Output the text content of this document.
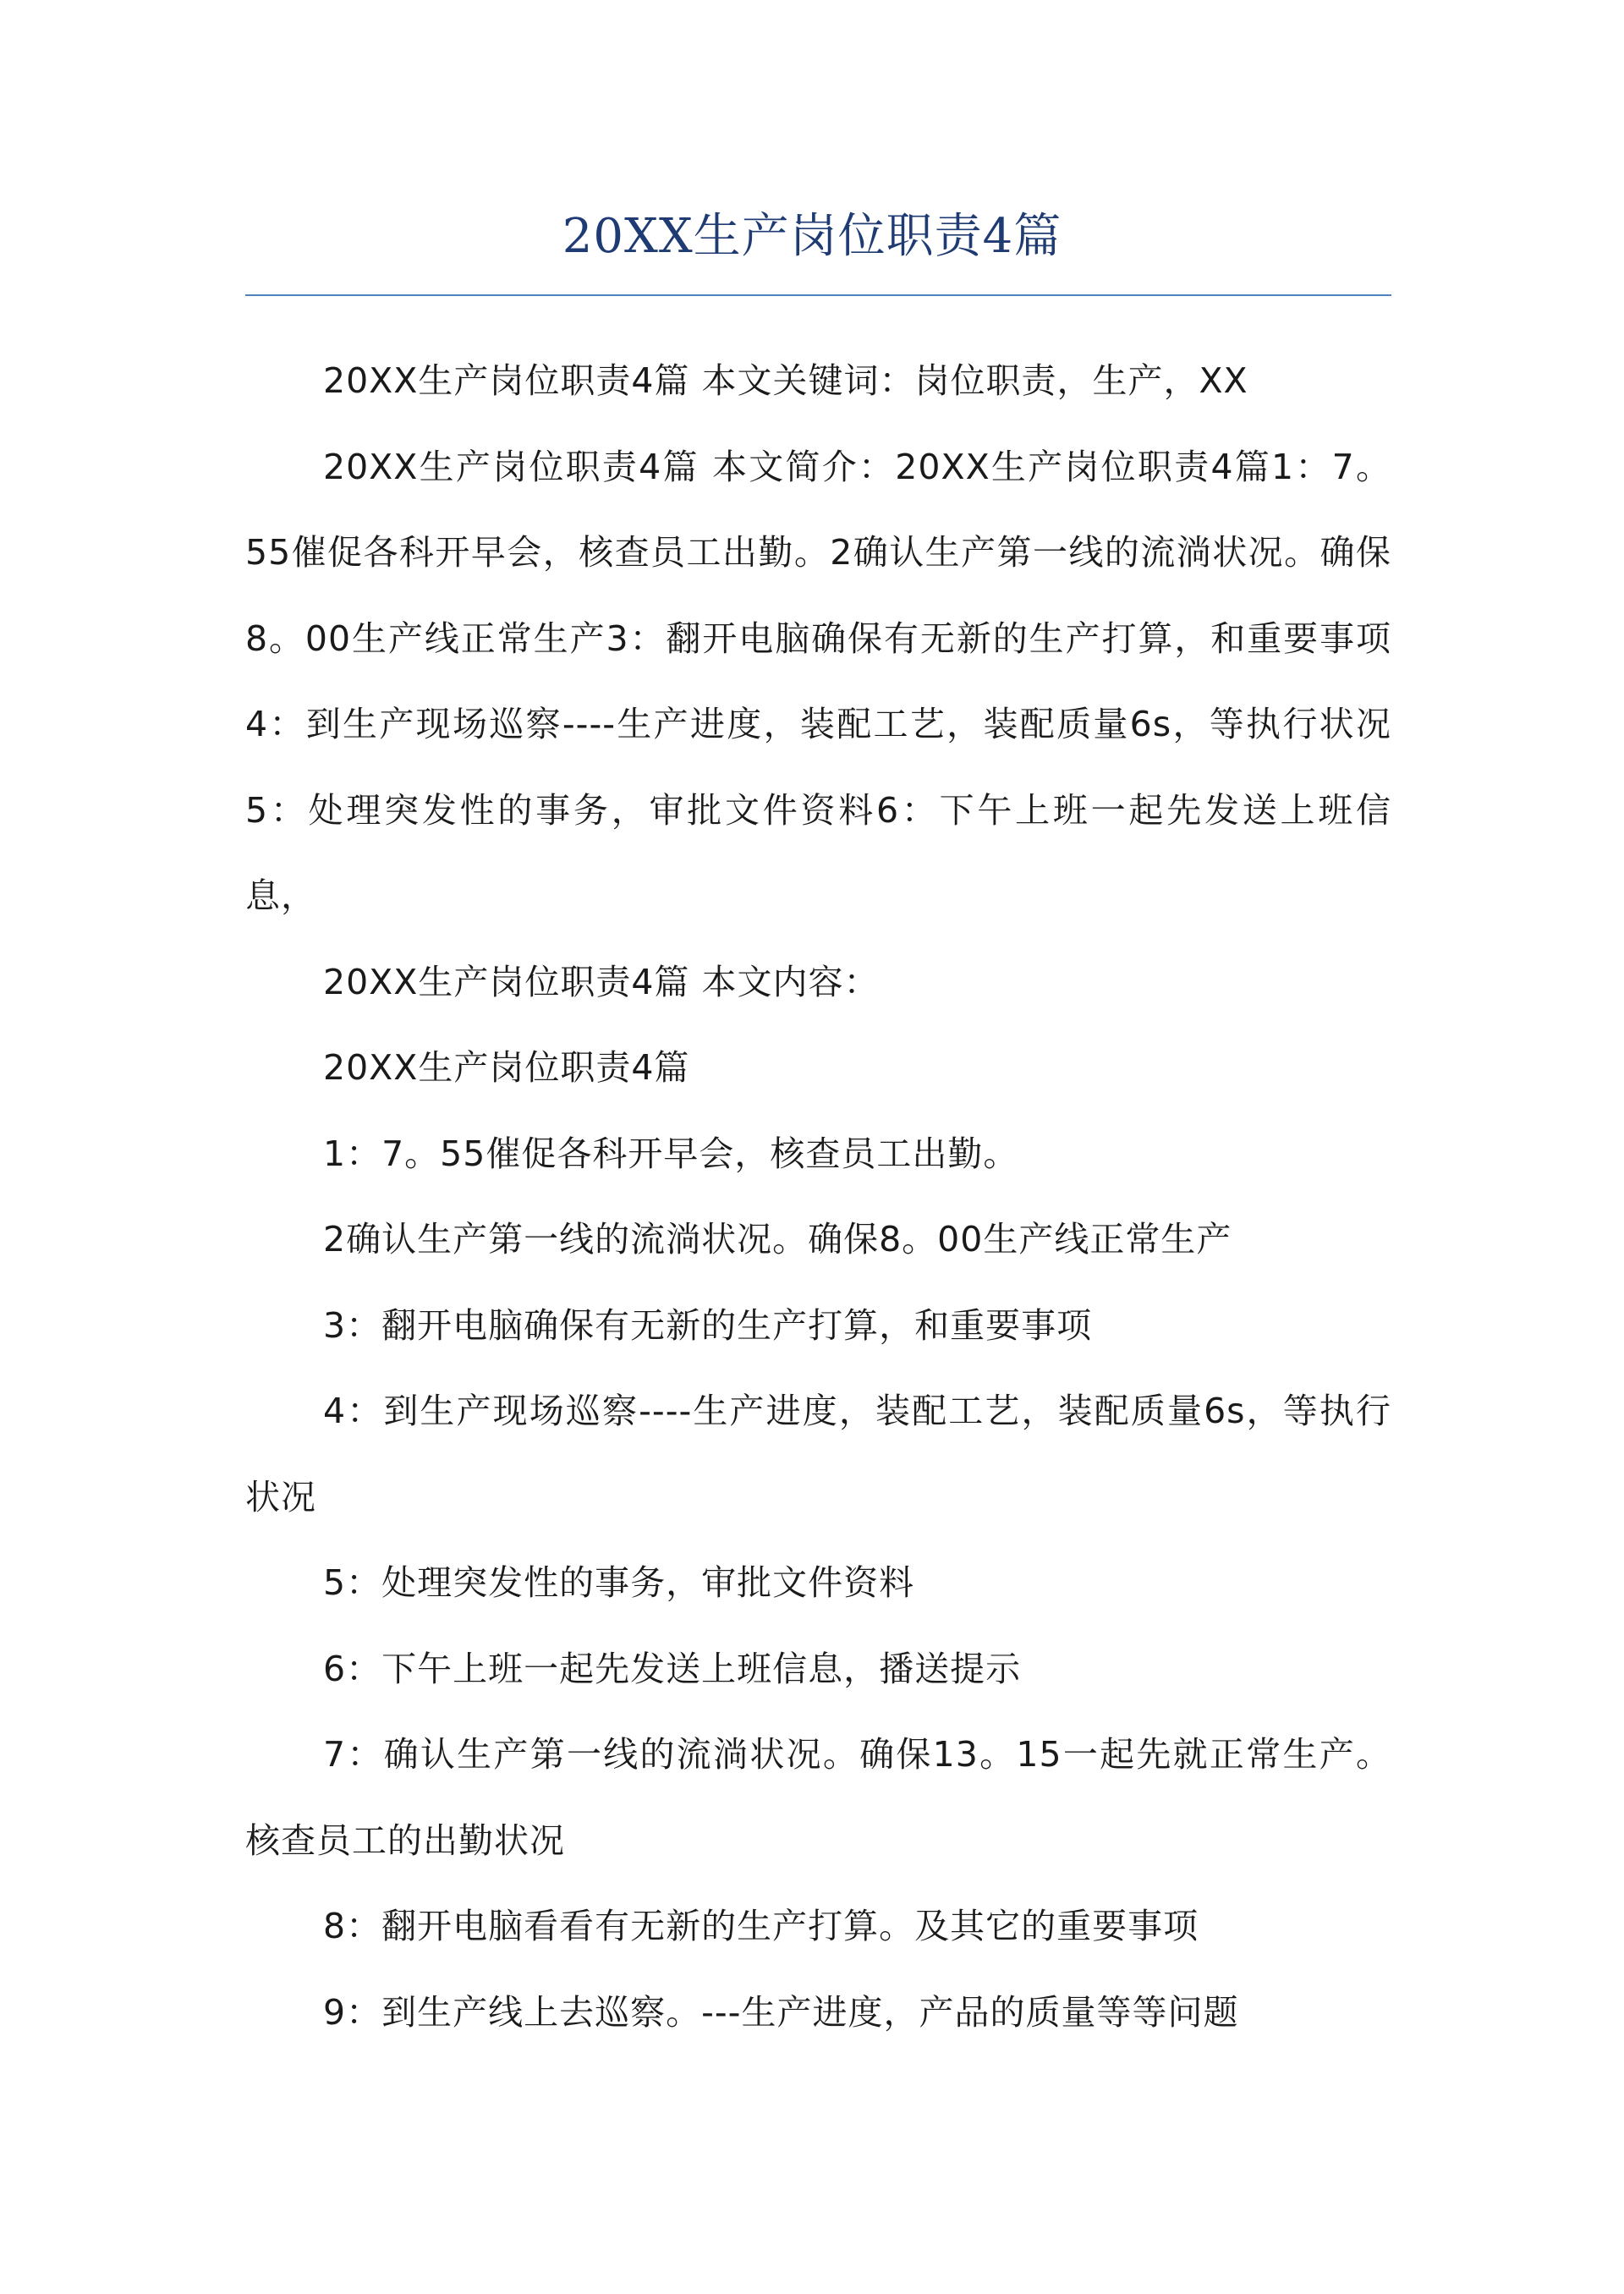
20XX生产岗位职责4篇

20XX生产岗位职责4篇 本文关键词：岗位职责，生产，XX

20XX生产岗位职责4篇 本文简介：20XX生产岗位职责4篇1：7。55催促各科开早会，核查员工出勤。2确认生产第一线的流淌状况。确保8。00生产线正常生产3：翻开电脑确保有无新的生产打算，和重要事项4：到生产现场巡察----生产进度，装配工艺，装配质量6s，等执行状况5：处理突发性的事务，审批文件资料6：下午上班一起先发送上班信息，

20XX生产岗位职责4篇 本文内容：

20XX生产岗位职责4篇

1：7。55催促各科开早会，核查员工出勤。

2确认生产第一线的流淌状况。确保8。00生产线正常生产

3：翻开电脑确保有无新的生产打算，和重要事项

4：到生产现场巡察----生产进度，装配工艺，装配质量6s，等执行状况

5：处理突发性的事务，审批文件资料

6：下午上班一起先发送上班信息，播送提示

7：确认生产第一线的流淌状况。确保13。15一起先就正常生产。核查员工的出勤状况

8：翻开电脑看看有无新的生产打算。及其它的重要事项

9：到生产线上去巡察。---生产进度，产品的质量等等问题
